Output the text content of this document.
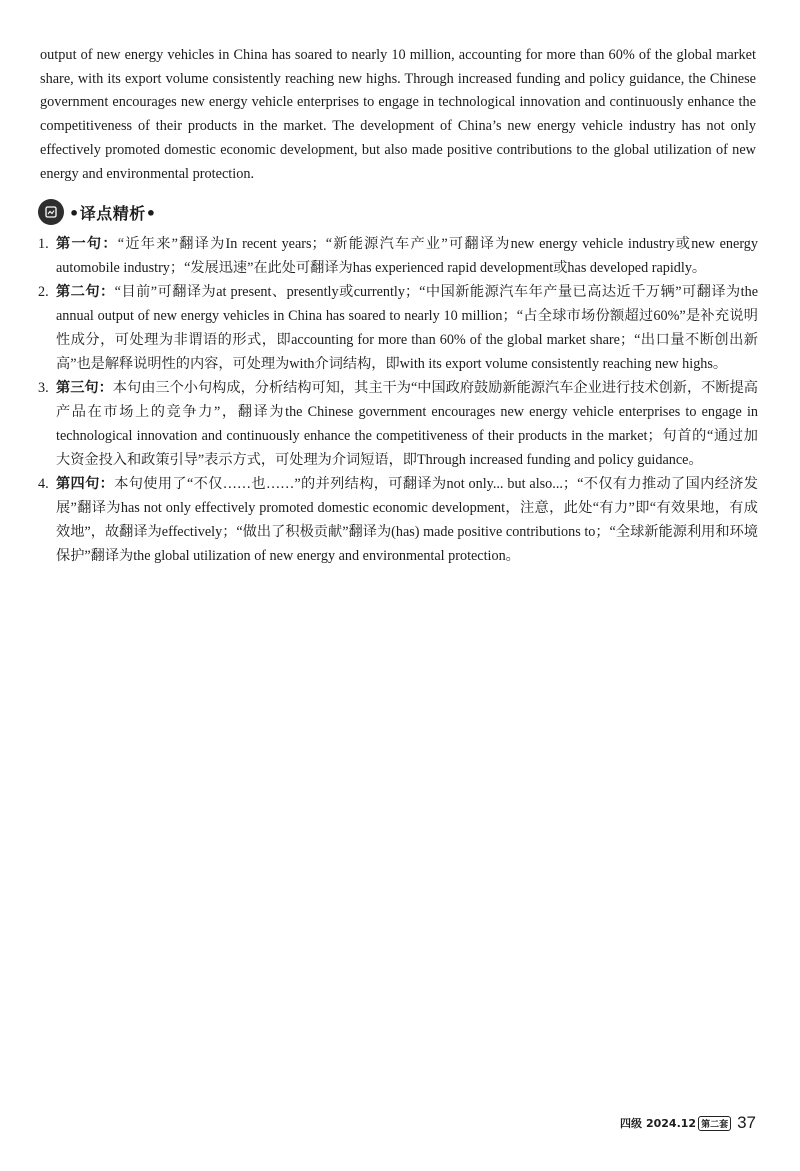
output of new energy vehicles in China has soared to nearly 10 million, accounting for more than 60% of the global market share, with its export volume consistently reaching new highs. Through increased funding and policy guidance, the Chinese government encourages new energy vehicle enterprises to engage in technological innovation and continuously enhance the competitiveness of their products in the market. The development of China’s new energy vehicle industry has not only effectively promoted domestic economic development, but also made positive contributions to the global utilization of new energy and environmental protection.

•译点精析•
1. 第一句：“近年来”翻译为In recent years；“新能源汽车产业”可翻译为new energy vehicle industry或new energy automobile industry；“发展迅速”在此处可翻译为has experienced rapid development或has developed rapidly。
2. 第二句：“目前”可翻译为at present、presently或currently；“中国新能源汽车年产量已高达近千万辆”可翻译为the annual output of new energy vehicles in China has soared to nearly 10 million；“占全球市场份额超过60%”是补充说明性成分，可处理为非谓语的形式，即accounting for more than 60% of the global market share；“出口量不断创出新高”也是解释说明性的内容，可处理为with介词结构，即with its export volume consistently reaching new highs。
3. 第三句：本句由三个小句构成，分析结构可知，其主干为“中国政府鼓励新能源汽车企业进行技术创新，不断提高产品在市场上的竞争力”，翻译为the Chinese government encourages new energy vehicle enterprises to engage in technological innovation and continuously enhance the competitiveness of their products in the market；句首的“通过加大资金投入和政策引导”表示方式，可处理为介词短语，即Through increased funding and policy guidance。
4. 第四句：本句使用了“不仅……也……”的并列结构，可翻译为not only... but also...；“不仅有力推动了国内经济发展”翻译为has not only effectively promoted domestic economic development，注意，此处“有力”即“有效果地，有成效地”，故翻译为effectively；“做出了积极贡献”翻译为(has) made positive contributions to；“全球新能源利用和环境保护”翻译为the global utilization of new energy and environmental protection。
四级 2024.12 第二套 37
